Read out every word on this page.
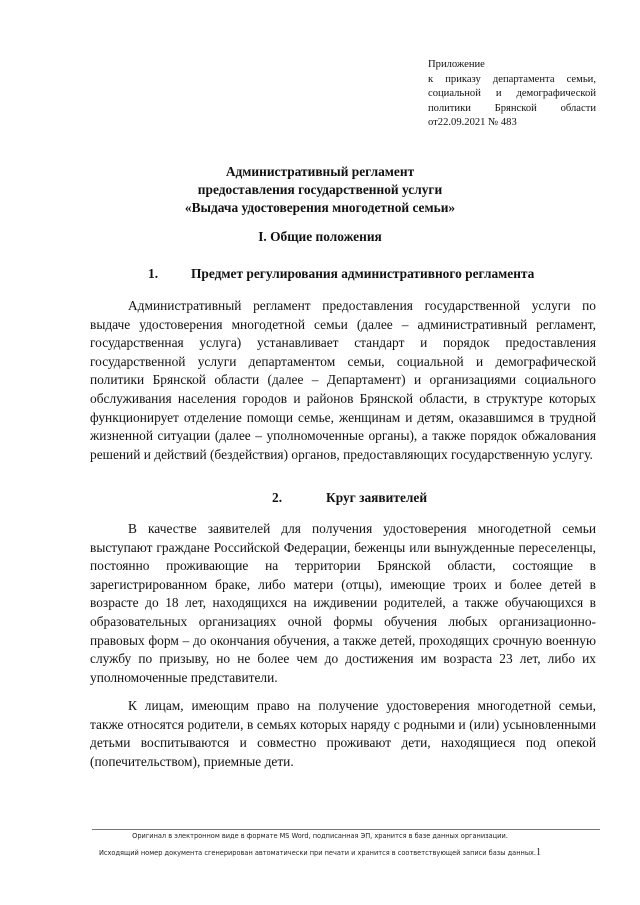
Приложение
к приказу департамента семьи,
социальной и демографической
политики Брянской области
от22.09.2021 № 483
Административный регламент
предоставления государственной услуги
«Выдача удостоверения многодетной семьи»
I. Общие положения
1. Предмет регулирования административного регламента
Административный регламент предоставления государственной услуги по выдаче удостоверения многодетной семьи (далее – административный регламент, государственная услуга) устанавливает стандарт и порядок предоставления государственной услуги департаментом семьи, социальной и демографической политики Брянской области (далее – Департамент) и организациями социального обслуживания населения городов и районов Брянской области, в структуре которых функционирует отделение помощи семье, женщинам и детям, оказавшимся в трудной жизненной ситуации (далее – уполномоченные органы), а также порядок обжалования решений и действий (бездействия) органов, предоставляющих государственную услугу.
2.	Круг заявителей
В качестве заявителей для получения удостоверения многодетной семьи выступают граждане Российской Федерации, беженцы или вынужденные переселенцы, постоянно проживающие на территории Брянской области, состоящие в зарегистрированном браке, либо матери (отцы), имеющие троих и более детей в возрасте до 18 лет, находящихся на иждивении родителей, а также обучающихся в образовательных организациях очной формы обучения любых организационно-правовых форм – до окончания обучения, а также детей, проходящих срочную военную службу по призыву, но не более чем до достижения им возраста 23 лет, либо их уполномоченные представители.
К лицам, имеющим право на получение удостоверения многодетной семьи, также относятся родители, в семьях которых наряду с родными и (или) усыновленными детьми воспитываются и совместно проживают дети, находящиеся под опекой (попечительством), приемные дети.
Оригинал в электронном виде в формате MS Word, подписанная ЭП, хранится в базе данных организации.
Исходящий номер документа сгенерирован автоматически при печати и хранится в соответствующей записи базы данных.1
